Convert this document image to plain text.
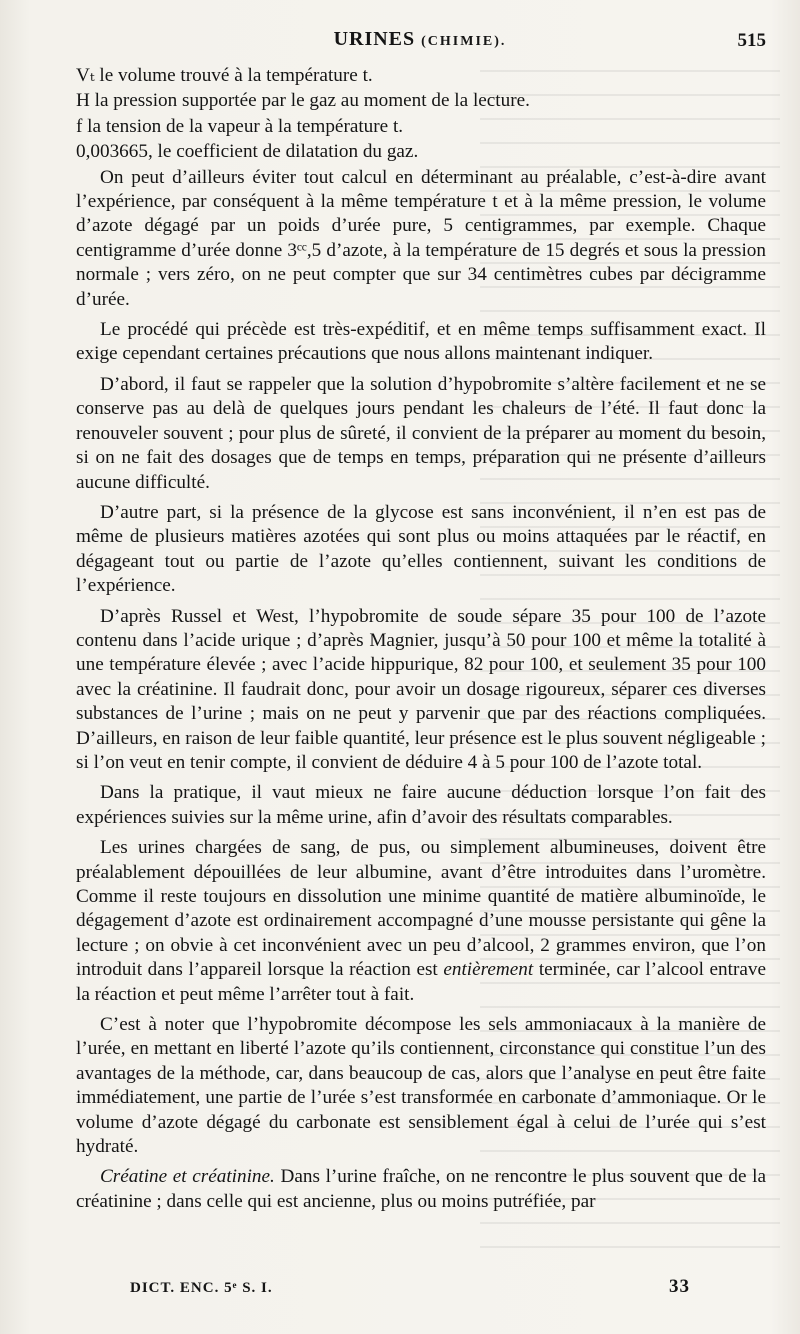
URINES (CHIMIE).	515

Vₜ le volume trouvé à la température t.

H la pression supportée par le gaz au moment de la lecture.

f la tension de la vapeur à la température t.

0,003665, le coefficient de dilatation du gaz.

On peut d’ailleurs éviter tout calcul en déterminant au préalable, c’est-à-dire avant l’expérience, par conséquent à la même température t et à la même pression, le volume d’azote dégagé par un poids d’urée pure, 5 centigrammes, par exemple. Chaque centigramme d’urée donne 3ᶜᶜ,5 d’azote, à la température de 15 degrés et sous la pression normale ; vers zéro, on ne peut compter que sur 34 centimètres cubes par décigramme d’urée.

Le procédé qui précède est très-expéditif, et en même temps suffisamment exact. Il exige cependant certaines précautions que nous allons maintenant indiquer.

D’abord, il faut se rappeler que la solution d’hypobromite s’altère facilement et ne se conserve pas au delà de quelques jours pendant les chaleurs de l’été. Il faut donc la renouveler souvent ; pour plus de sûreté, il convient de la préparer au moment du besoin, si on ne fait des dosages que de temps en temps, préparation qui ne présente d’ailleurs aucune difficulté.

D’autre part, si la présence de la glycose est sans inconvénient, il n’en est pas de même de plusieurs matières azotées qui sont plus ou moins attaquées par le réactif, en dégageant tout ou partie de l’azote qu’elles contiennent, suivant les conditions de l’expérience.

D’après Russel et West, l’hypobromite de soude sépare 35 pour 100 de l’azote contenu dans l’acide urique ; d’après Magnier, jusqu’à 50 pour 100 et même la totalité à une température élevée ; avec l’acide hippurique, 82 pour 100, et seulement 35 pour 100 avec la créatinine. Il faudrait donc, pour avoir un dosage rigoureux, séparer ces diverses substances de l’urine ; mais on ne peut y parvenir que par des réactions compliquées. D’ailleurs, en raison de leur faible quantité, leur présence est le plus souvent négligeable ; si l’on veut en tenir compte, il convient de déduire 4 à 5 pour 100 de l’azote total.

Dans la pratique, il vaut mieux ne faire aucune déduction lorsque l’on fait des expériences suivies sur la même urine, afin d’avoir des résultats comparables.

Les urines chargées de sang, de pus, ou simplement albumineuses, doivent être préalablement dépouillées de leur albumine, avant d’être introduites dans l’uromètre. Comme il reste toujours en dissolution une minime quantité de matière albuminoïde, le dégagement d’azote est ordinairement accompagné d’une mousse persistante qui gêne la lecture ; on obvie à cet inconvénient avec un peu d’alcool, 2 grammes environ, que l’on introduit dans l’appareil lorsque la réaction est entièrement terminée, car l’alcool entrave la réaction et peut même l’arrêter tout à fait.

C’est à noter que l’hypobromite décompose les sels ammoniacaux à la manière de l’urée, en mettant en liberté l’azote qu’ils contiennent, circonstance qui constitue l’un des avantages de la méthode, car, dans beaucoup de cas, alors que l’analyse en peut être faite immédiatement, une partie de l’urée s’est transformée en carbonate d’ammoniaque. Or le volume d’azote dégagé du carbonate est sensiblement égal à celui de l’urée qui s’est hydraté.

Créatine et créatinine. Dans l’urine fraîche, on ne rencontre le plus souvent que de la créatinine ; dans celle qui est ancienne, plus ou moins putréfiée, par

DICT. ENC. 5ᵉ S. I.	33
